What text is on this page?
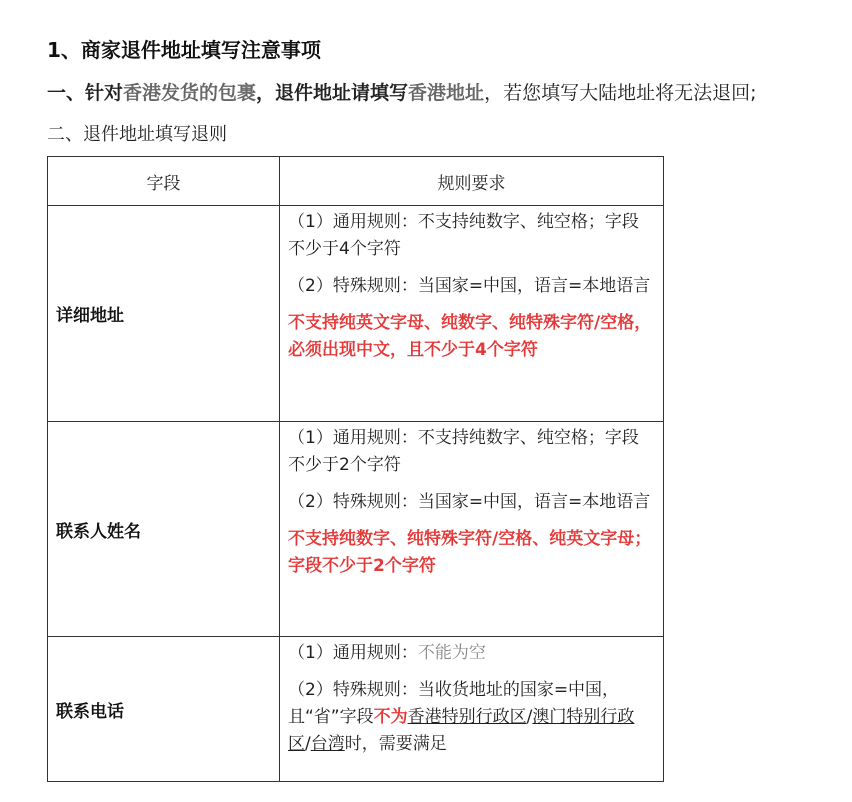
1、商家退件地址填写注意事项
一、针对香港发货的包裹，退件地址请填写香港地址，若您填写大陆地址将无法退回;
二、退件地址填写退则
字段	规则要求
详细地址	（1）通用规则：不支持纯数字、纯空格；字段不少于4个字符
（2）特殊规则：当国家=中国，语言=本地语言
不支持纯英文字母、纯数字、纯特殊字符/空格，必须出现中文，且不少于4个字符

联系人姓名	（1）通用规则：不支持纯数字、纯空格；字段不少于2个字符
（2）特殊规则：当国家=中国，语言=本地语言
不支持纯数字、纯特殊字符/空格、纯英文字母；字段不少于2个字符

联系电话	（1）通用规则：不能为空
（2）特殊规则：当收货地址的国家=中国，且“省”字段不为香港特别行政区/澳门特别行政区/台湾时，需要满足
